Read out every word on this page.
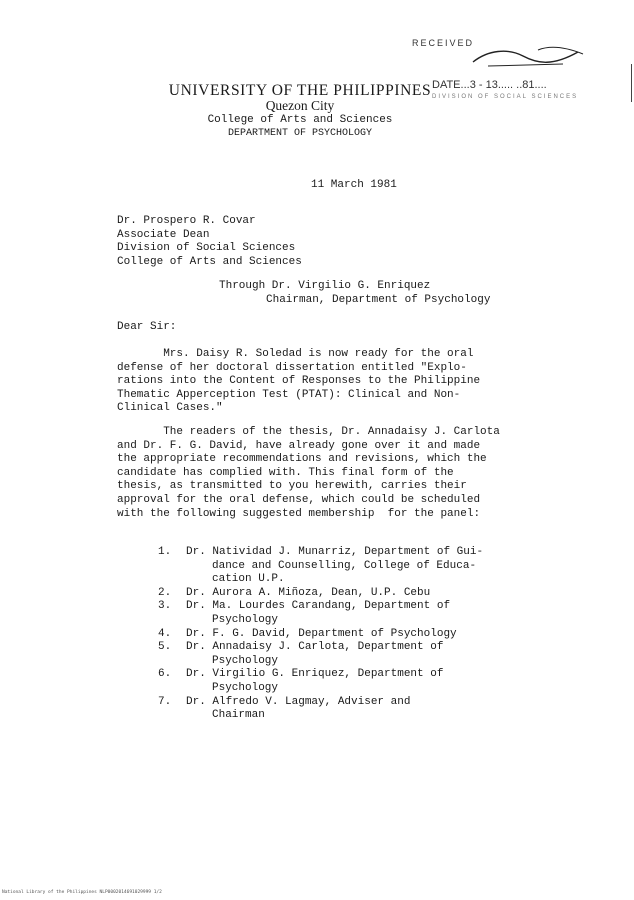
RECEIVED
DATE...3 - 13..... ..81....
DIVISION OF SOCIAL SCIENCES
UNIVERSITY OF THE PHILIPPINES
Quezon City
College of Arts and Sciences
DEPARTMENT OF PSYCHOLOGY
11 March 1981
Dr. Prospero R. Covar
Associate Dean
Division of Social Sciences
College of Arts and Sciences
Through Dr. Virgilio G. Enriquez
Chairman, Department of Psychology
Dear Sir:
Mrs. Daisy R. Soledad is now ready for the oral
defense of her doctoral dissertation entitled "Explo-
rations into the Content of Responses to the Philippine
Thematic Apperception Test (PTAT): Clinical and Non-
Clinical Cases."
The readers of the thesis, Dr. Annadaisy J. Carlota
and Dr. F. G. David, have already gone over it and made
the appropriate recommendations and revisions, which the
candidate has complied with. This final form of the
thesis, as transmitted to you herewith, carries their
approval for the oral defense, which could be scheduled
with the following suggested membership  for the panel:
1. Dr. Natividad J. Munarriz, Department of Gui-
dance and Counselling, College of Educa-
cation U.P.
2. Dr. Aurora A. Miñoza, Dean, U.P. Cebu
3. Dr. Ma. Lourdes Carandang, Department of
Psychology
4. Dr. F. G. David, Department of Psychology
5. Dr. Annadaisy J. Carlota, Department of
Psychology
6. Dr. Virgilio G. Enriquez, Department of
Psychology
7. Dr. Alfredo V. Lagmay, Adviser and
Chairman
National Library of the Philippines NLP0002014691029999 1/2
